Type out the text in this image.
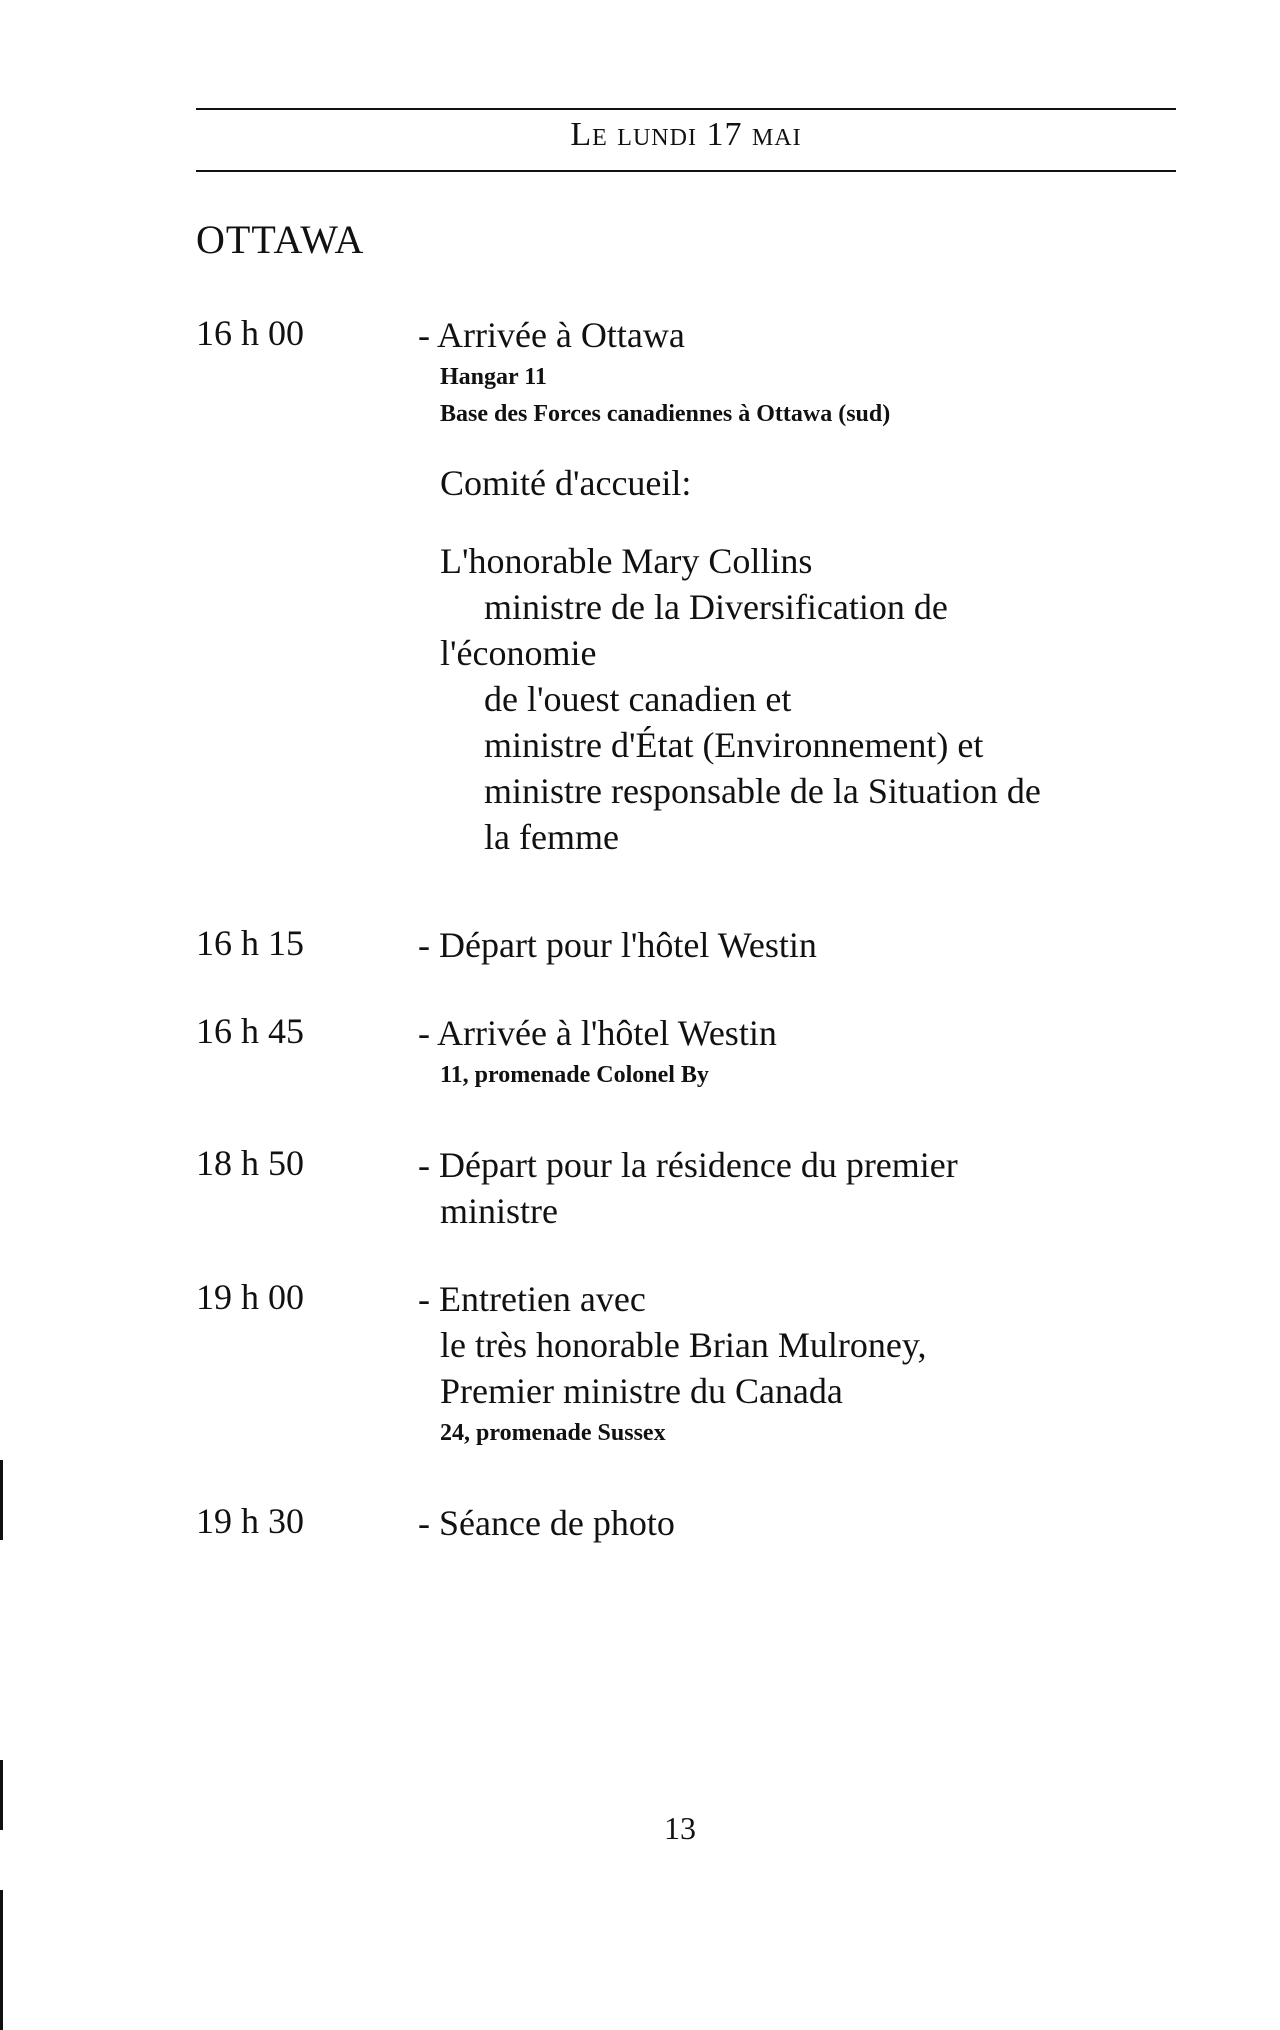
Le lundi 17 mai
OTTAWA
16 h 00	- Arrivée à Ottawa
Hangar 11
Base des Forces canadiennes à Ottawa (sud)
Comité d'accueil:
L'honorable Mary Collins
ministre de la Diversification de
l'économie
de l'ouest canadien et
ministre d'État (Environnement) et
ministre responsable de la Situation de
la femme
16 h 15	- Départ pour l'hôtel Westin
16 h 45	- Arrivée à l'hôtel Westin
11, promenade Colonel By
18 h 50	- Départ pour la résidence du premier
ministre
19 h 00	- Entretien avec
le très honorable Brian Mulroney,
Premier ministre du Canada
24, promenade Sussex
19 h 30	- Séance de photo
13
